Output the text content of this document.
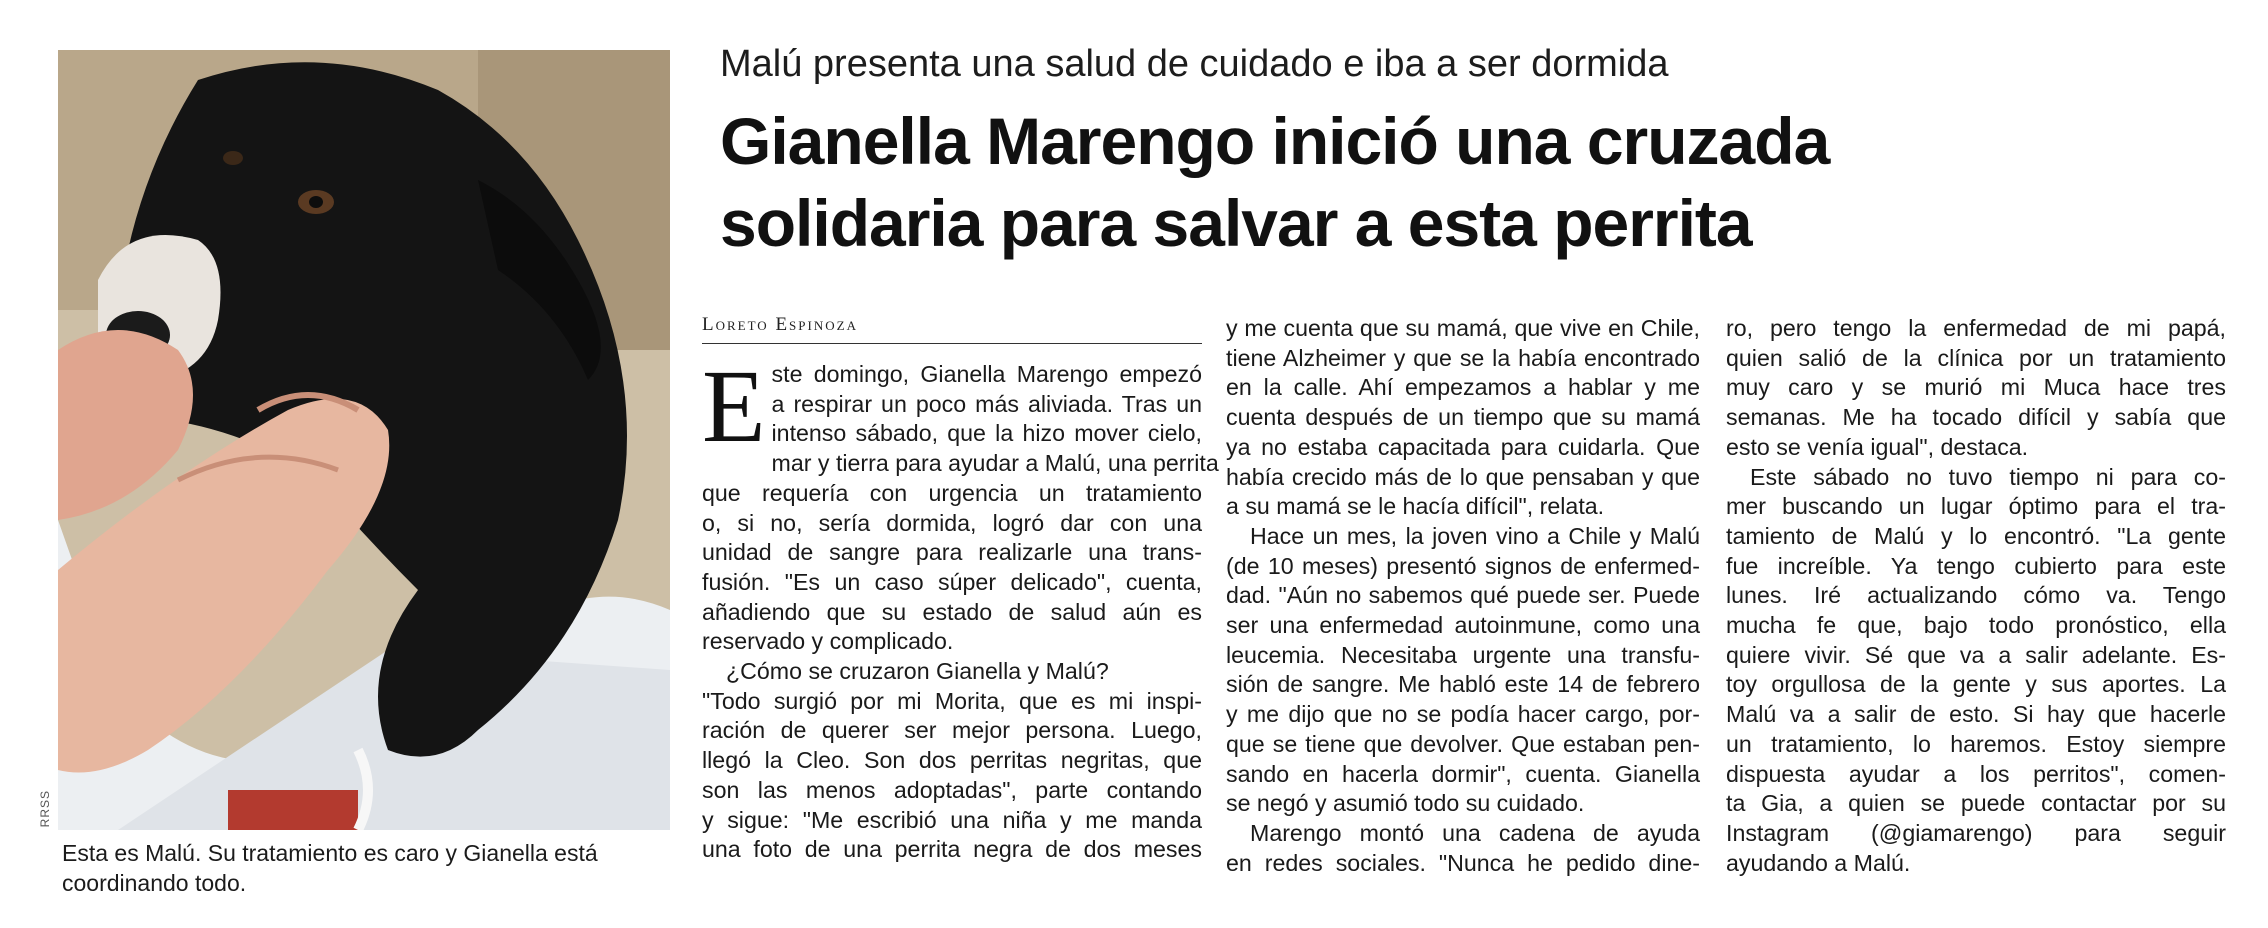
RRSS
Esta es Malú. Su tratamiento es caro y Gianella está coordinando todo.
Malú presenta una salud de cuidado e iba a ser dormida
Gianella Marengo inició una cruzada
solidaria para salvar a esta perrita
Loreto Espinoza
E ste domingo, Gianella Marengo empezó
a respirar un poco más aliviada. Tras un
intenso sábado, que la hizo mover cielo,
mar y tierra para ayudar a Malú, una perrita
que requería con urgencia un tratamiento
o, si no, sería dormida, logró dar con una
unidad de sangre para realizarle una trans-
fusión. "Es un caso súper delicado", cuenta,
añadiendo que su estado de salud aún es
reservado y complicado.
¿Cómo se cruzaron Gianella y Malú?
"Todo surgió por mi Morita, que es mi inspi-
ración de querer ser mejor persona. Luego,
llegó la Cleo. Son dos perritas negritas, que
son las menos adoptadas", parte contando
y sigue: "Me escribió una niña y me manda
una foto de una perrita negra de dos meses
y me cuenta que su mamá, que vive en Chile,
tiene Alzheimer y que se la había encontrado
en la calle. Ahí empezamos a hablar y me
cuenta después de un tiempo que su mamá
ya no estaba capacitada para cuidarla. Que
había crecido más de lo que pensaban y que
a su mamá se le hacía difícil", relata.
Hace un mes, la joven vino a Chile y Malú
(de 10 meses) presentó signos de enfermed-
dad. "Aún no sabemos qué puede ser. Puede
ser una enfermedad autoinmune, como una
leucemia. Necesitaba urgente una transfu-
sión de sangre. Me habló este 14 de febrero
y me dijo que no se podía hacer cargo, por-
que se tiene que devolver. Que estaban pen-
sando en hacerla dormir", cuenta. Gianella
se negó y asumió todo su cuidado.
Marengo montó una cadena de ayuda
en redes sociales. "Nunca he pedido dine-
ro, pero tengo la enfermedad de mi papá,
quien salió de la clínica por un tratamiento
muy caro y se murió mi Muca hace tres
semanas. Me ha tocado difícil y sabía que
esto se venía igual", destaca.
Este sábado no tuvo tiempo ni para co-
mer buscando un lugar óptimo para el tra-
tamiento de Malú y lo encontró. "La gente
fue increíble. Ya tengo cubierto para este
lunes. Iré actualizando cómo va. Tengo
mucha fe que, bajo todo pronóstico, ella
quiere vivir. Sé que va a salir adelante. Es-
toy orgullosa de la gente y sus aportes. La
Malú va a salir de esto. Si hay que hacerle
un tratamiento, lo haremos. Estoy siempre
dispuesta ayudar a los perritos", comen-
ta Gia, a quien se puede contactar por su
Instagram (@giamarengo) para seguir
ayudando a Malú.
